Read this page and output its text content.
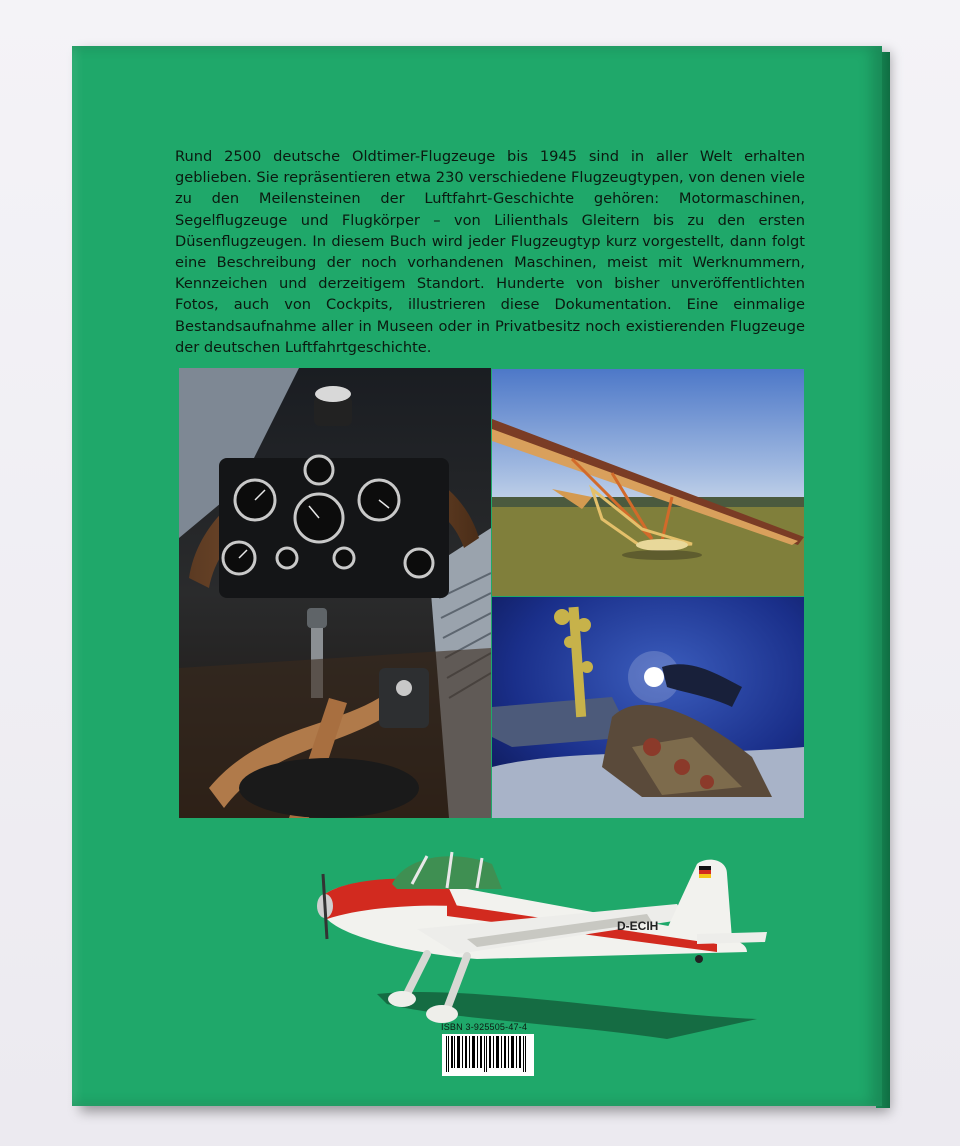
Rund 2500 deutsche Oldtimer-Flugzeuge bis 1945 sind in aller Welt erhalten geblieben. Sie repräsentieren etwa 230 verschiedene Flugzeugtypen, von denen viele zu den Meilensteinen der Luftfahrt-Geschichte gehören: Motormaschinen, Segelflugzeuge und Flugkörper – von Lilienthals Gleitern bis zu den ersten Düsenflugzeugen. In diesem Buch wird jeder Flugzeugtyp kurz vorgestellt, dann folgt eine Beschreibung der noch vorhandenen Maschinen, meist mit Werknummern, Kennzeichen und derzeitigem Standort. Hunderte von bisher unveröffentlichten Fotos, auch von Cockpits, illustrieren diese Dokumentation. Eine einmalige Bestandsaufnahme aller in Museen oder in Privatbesitz noch existierenden Flugzeuge der deutschen Luftfahrtgeschichte.

D-ECIH
ISBN 3-925505-47-4
